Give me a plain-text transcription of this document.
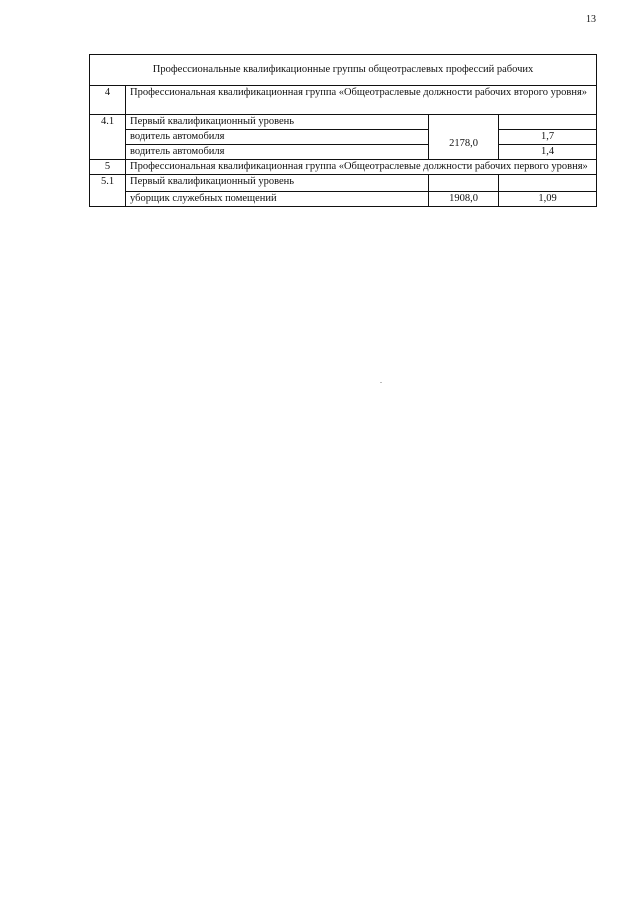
13
Профессиональные квалификационные группы общеотраслевых профессий рабочих			
4	Профессиональная квалификационная группа «Общеотраслевые должности рабочих второго уровня»		
4.1	Первый квалификационный уровень		
	водитель автомобиля	2178,0	1,7
	водитель автомобиля		1,4
5	Профессиональная квалификационная группа «Общеотраслевые должности рабочих первого уровня»		
5.1	Первый квалификационный уровень		
	уборщик служебных помещений	1908,0	1,09
